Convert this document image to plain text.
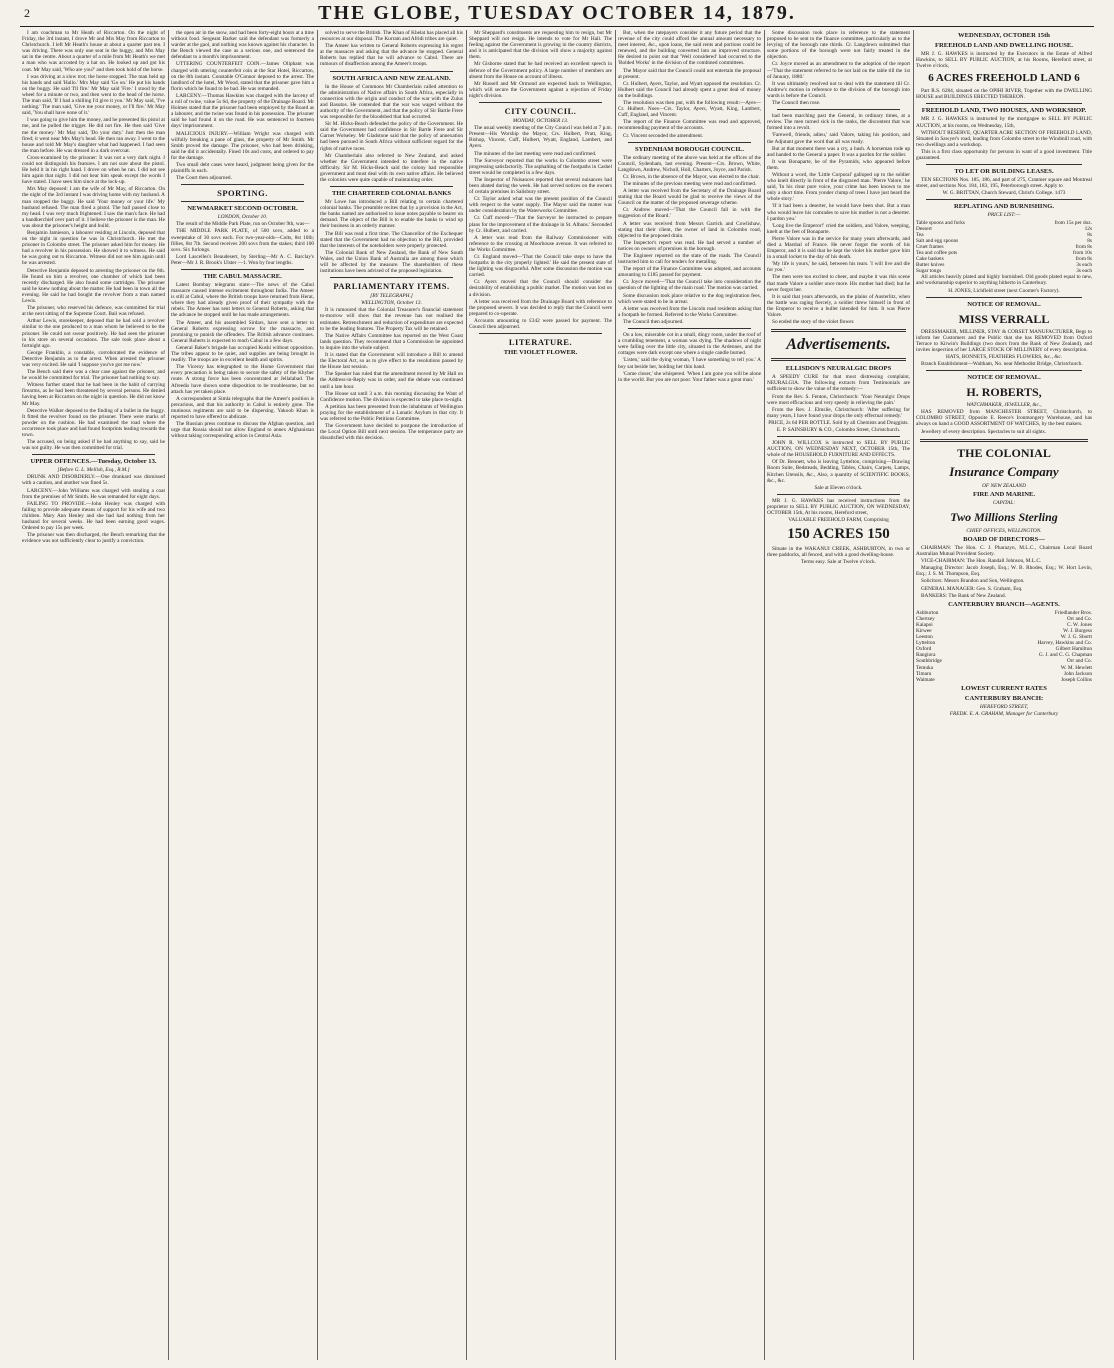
2	THE GLOBE, TUESDAY OCTOBER 14, 1879.

I am coachman to Mr Heath of Riccarton. On the night of Friday, the 3rd instant, I drove Mr and Mrs May from Riccarton to Christchurch. I left Mr Heath's house at about a quarter past ten. I was driving. There was only one seat in the buggy, and Mrs May sat in the centre. About a quarter of a mile from Mr Heath's we met a man who was accosted by a hat on. He looked up and got his coat. Mr May said, 'Who are you?' and then took hold of the horse.

I was driving at a slow trot; the horse stopped. The man held up his hands and said 'Hallo.' Mrs May said 'Go on.' He put his hands on the buggy. He said 'I'll fire.' Mr May said 'Fire.' I stood by the wheel for a minute or two, and then went to the head of the horse. The man said, 'If I had a shilling I'd give it you.' Mr May said, 'I've nothing.' The man said, 'Give me your money, or I'll fire.' Mr May said, 'You shall have none of it.'

I was going to give him the money, and he presented his pistol at me, and he pulled the trigger. He did not fire. He then said 'Give me the money.' Mr May said, 'Do your duty.' Just then the man fired; it went near Mrs May's head. He then ran away. I went to the house and told Mr May's daughter what had happened. I had seen the man before. He was dressed in a dark overcoat.

Cross-examined by the prisoner: It was not a very dark night. I could not distinguish his features. I am not sure about the pistol. He held it in his right hand. I drove on when he ran. I did not see him again that night. I did not hear him speak except the words I have stated. I have seen him since at the lock-up.

Mrs May deposed: I am the wife of Mr May, of Riccarton. On the night of the 3rd instant I was driving home with my husband. A man stopped the buggy. He said 'Your money or your life.' My husband refused. The man fired a pistol. The ball passed close to my head. I was very much frightened. I saw the man's face. He had a handkerchief over part of it. I believe the prisoner is the man. He was about the prisoner's height and build.

Benjamin Jamieson, a labourer residing at Lincoln, deposed that on the night in question he was in Christchurch. He met the prisoner in Colombo street. The prisoner asked him for money. He had a revolver in his possession. He showed it to witness. He said he was going out to Riccarton. Witness did not see him again until he was arrested.

Detective Benjamin deposed to arresting the prisoner on the 6th. He found on him a revolver, one chamber of which had been recently discharged. He also found some cartridges. The prisoner said he knew nothing about the matter. He had been in town all the evening. He said he had bought the revolver from a man named Lewis.

The prisoner, who reserved his defence, was committed for trial at the next sitting of the Supreme Court. Bail was refused.

Arthur Lewis, storekeeper, deposed that he had sold a revolver similar to the one produced to a man whom he believed to be the prisoner. He could not swear positively. He had seen the prisoner in his store on several occasions. The sale took place about a fortnight ago.

George Franklin, a constable, corroborated the evidence of Detective Benjamin as to the arrest. When arrested the prisoner was very excited. He said 'I suppose you've got me now.'

The Bench said there was a clear case against the prisoner, and he would be committed for trial. The prisoner had nothing to say.

Witness further stated that he had been in the habit of carrying firearms, as he had been threatened by several persons. He denied having been at Riccarton on the night in question. He did not know Mr May.

Detective Walker deposed to the finding of a bullet in the buggy. It fitted the revolver found on the prisoner. There were marks of powder on the cushion. He had examined the road where the occurrence took place and had found footprints leading towards the town.

The accused, on being asked if he had anything to say, said he was not guilty. He was then committed for trial.

UPPER OFFENCES.—Tuesday, October 13.
[Before G. L. Mellish, Esq., R.M.]

DRUNK AND DISORDERLY.—One drunkard was dismissed with a caution, and another was fined 5s.

LARCENY.—John Williams was charged with stealing a coat from the premises of Mr Smith. He was remanded for eight days.

FAILING TO PROVIDE.—John Henley was charged with failing to provide adequate means of support for his wife and two children. Mary Ann Henley and she had had nothing from her husband for several weeks. He had been earning good wages. Ordered to pay 15s per week.

The prisoner was then discharged, the Bench remarking that the evidence was not sufficiently clear to justify a conviction.

the open air in the snow, and had been forty-eight hours at a time without food. Sergeant Barker said the defendant was formerly a warder at the gaol, and nothing was known against his character. In the Bench viewed the case as a serious one, and sentenced the defendant to a month's imprisonment.

UTTERING COUNTERFEIT COIN.—James Oliphant was charged with uttering counterfeit coin at the Star Hotel, Riccarton, on the 8th instant. Constable O'Connor deposed to the arrest. The landlord of the hotel, Mr Wood, stated that the prisoner gave him a florin which he found to be bad. He was remanded.

LARCENY.—Thomas Hawkins was charged with the larceny of a roll of twine, value 5s 6d, the property of the Drainage Board. Mr Holmes stated that the prisoner had been employed by the Board as a labourer, and the twine was found in his possession. The prisoner said he had found it on the road. He was sentenced to fourteen days' imprisonment.

MALICIOUS INJURY.—William Wright was charged with wilfully breaking a pane of glass, the property of Mr Smith. Mr Smith proved the damage. The prisoner, who had been drinking, said he did it accidentally. Fined 10s and costs, and ordered to pay for the damage.

Two small debt cases were heard, judgment being given for the plaintiffs in each.

The Court then adjourned.

SPORTING.
NEWMARKET SECOND OCTOBER.
LONDON, October 10.

The result of the Middle Park Plate, run on October 9th, was—

THE MIDDLE PARK PLATE, of 500 sovs, added to a sweepstake of 30 sovs each. For two-year-olds—Colts, 8st 10lb; fillies, 8st 7lb. Second receives 200 sovs from the stakes; third 100 sovs. Six furlongs.

Lord Lascelles's Beaudesert, by Sterling—Mr A. C. Barclay's Peter—Mr J. R. Brook's Ulster —1. Won by four lengths.

THE CABUL MASSACRE.

Latest Bombay telegrams state:—The news of the Cabul massacre caused intense excitement throughout India. The Ameer is still at Cabul, where the British troops have returned from Herat, where they had already given proof of their sympathy with the rebels. The Ameer has sent letters to General Roberts, asking that the advance be stopped until he has made arrangements.

The Ameer, and his assembled Sirdars, have sent a letter to General Roberts expressing sorrow for the massacre, and promising to punish the offenders. The British advance continues. General Roberts is expected to reach Cabul in a few days.

General Baker's brigade has occupied Kushi without opposition. The tribes appear to be quiet, and supplies are being brought in readily. The troops are in excellent health and spirits.

The Viceroy has telegraphed to the Home Government that every precaution is being taken to secure the safety of the Khyber route. A strong force has been concentrated at Jellalabad. The Afreedis have shown some disposition to be troublesome, but no attack has yet taken place.

A correspondent at Simla telegraphs that the Ameer's position is precarious, and that his authority in Cabul is entirely gone. The mutinous regiments are said to be dispersing. Yakoob Khan is reported to have offered to abdicate.

The Russian press continue to discuss the Afghan question, and urge that Russia should not allow England to annex Afghanistan without taking corresponding action in Central Asia.

solved to serve the British. The Khan of Khelat has placed all his resources at our disposal. The Kurram and Afridi tribes are quiet.

The Ameer has written to General Roberts expressing his regret at the massacre and asking that the advance be stopped. General Roberts has replied that he will advance to Cabul. There are rumours of disaffection among the Ameer's troops.

SOUTH AFRICA AND NEW ZEALAND.

In the House of Commons Mr Chamberlain called attention to the administration of Native affairs in South Africa, especially in connection with the origin and conduct of the war with the Zulus and Basutos. He contended that the war was waged without the authority of the Government, and that the policy of Sir Bartle Frere was responsible for the bloodshed that had occurred.

Sir M. Hicks-Beach defended the policy of the Government. He said the Government had confidence in Sir Bartle Frere and Sir Garnet Wolseley. Mr Gladstone said that the policy of annexation had been pursued in South Africa without sufficient regard for the rights of native races.

Mr Chamberlain also referred to New Zealand, and asked whether the Government intended to interfere in the native difficulty. Sir M. Hicks-Beach said the colony had responsible government and must deal with its own native affairs. He believed the colonists were quite capable of maintaining order.

THE CHARTERED COLONIAL BANKS

Mr Lowe has introduced a Bill relating to certain chartered colonial banks. The preamble recites that by a provision in the Act, the banks named are authorised to issue notes payable to bearer on demand. The object of the Bill is to enable the banks to wind up their business in an orderly manner.

The Bill was read a first time. The Chancellor of the Exchequer stated that the Government had no objection to the Bill, provided that the interests of the noteholders were properly protected.

The Colonial Bank of New Zealand, the Bank of New South Wales, and the Union Bank of Australia are among those which will be affected by the measure. The shareholders of these institutions have been advised of the proposed legislation.

PARLIAMENTARY ITEMS.
[BY TELEGRAPH.]
WELLINGTON, October 13.

It is rumoured that the Colonial Treasurer's financial statement to-morrow will show that the revenue has not realised the estimates. Retrenchment and reduction of expenditure are expected to be the leading features. The Property Tax will be retained.

The Native Affairs Committee has reported on the West Coast lands question. They recommend that a Commission be appointed to inquire into the whole subject.

It is stated that the Government will introduce a Bill to amend the Electoral Act, so as to give effect to the resolutions passed by the House last session.

The Speaker has ruled that the amendment moved by Mr Hall on the Address-in-Reply was in order, and the debate was continued until a late hour.

The House sat until 3 a.m. this morning discussing the Want of Confidence motion. The division is expected to take place to-night.

A petition has been presented from the inhabitants of Wellington praying for the establishment of a Lunatic Asylum in that city. It was referred to the Public Petitions Committee.

The Government have decided to postpone the introduction of the Local Option Bill until next session. The temperance party are dissatisfied with this decision.

Mr Sheppard's constituents are requesting him to resign, but Mr Sheppard will not resign. He intends to vote for Mr Hall. The feeling against the Government is growing in the country districts, and it is anticipated that the division will show a majority against them.

Mr Gisborne stated that he had received an excellent speech in defence of the Government policy. A large number of members are absent from the House on account of illness.

Mr Russell and Mr Ormond are expected back to Wellington, which will secure the Government against a rejection of Friday night's division.

CITY COUNCIL.
MONDAY, OCTOBER 13.

The usual weekly meeting of the City Council was held at 7 p.m. Present—His Worship the Mayor, Crs. Hulbert, Pratt, King, Bishop, Vincent, Cuff, Hulbert, Wyatt, England, Lambert, and Ayers.

The minutes of the last meeting were read and confirmed.

The Surveyor reported that the works in Colombo street were progressing satisfactorily. The asphalting of the footpaths in Cashel street would be completed in a few days.

The Inspector of Nuisances reported that several nuisances had been abated during the week. He had served notices on the owners of certain premises in Salisbury street.

Cr. Taylor asked what was the present position of the Council with respect to the water supply. The Mayor said the matter was under consideration by the Waterworks Committee.

Cr. Cuff moved—'That the Surveyor be instructed to prepare plans for the improvement of the drainage in St. Albans.' Seconded by Cr. Hulbert, and carried.

A letter was read from the Railway Commissioner with reference to the crossing at Moorhouse avenue. It was referred to the Works Committee.

Cr. England moved—'That the Council take steps to have the footpaths in the city properly lighted.' He said the present state of the lighting was disgraceful. After some discussion the motion was carried.

Cr. Ayers moved that the Council should consider the desirability of establishing a public market. The motion was lost on a division.

A letter was received from the Drainage Board with reference to the proposed sewers. It was decided to reply that the Council were prepared to co-operate.

Accounts amounting to £342 were passed for payment. The Council then adjourned.

LITERATURE.
THE VIOLET FLOWER.

But, when the ratepayers consider it any future period that the revenue of the city could afford the annual amount necessary to meet interest, &c., upon loans, the said rents and portions could be renewed, and the building converted into an improved structure. He desired to point out that 'Well considered' had occurred to the 'Bolded Works' in the division of the combined committees.

The Mayor said that the Council could not entertain the proposal at present.

Cr. Hulbert, Ayers, Taylor, and Wyatt opposed the resolution. Cr. Hulbert said the Council had already spent a great deal of money on the buildings.

The resolution was then put, with the following result:—Ayes—Cr. Hulbert. Noes—Crs. Taylor, Ayers, Wyatt, King, Lambert, Cuff, England, and Vincent.

The report of the Finance Committee was read and approved, recommending payment of the accounts.

Cr. Vincent seconded the amendment.

SYDENHAM BOROUGH COUNCIL.

The ordinary meeting of the above was held at the offices of the Council, Sydenham, last evening. Present—Crs. Brown, White, Langdown, Andrew, Nicholl, Holl, Charters, Joyce, and Parish.

Cr. Brown, in the absence of the Mayor, was elected to the chair.

The minutes of the previous meeting were read and confirmed.

A letter was received from the Secretary of the Drainage Board stating that the Board would be glad to receive the views of the Council on the matter of the proposed sewerage scheme.

Cr. Andrew moved—'That the Council fall in with the suggestion of the Board.'

A letter was received from Messrs Garrick and Cowlishaw, stating that their client, the owner of land in Colombo road, objected to the proposed drain.

The Inspector's report was read. He had served a number of notices on owners of premises in the borough.

The Engineer reported on the state of the roads. The Council instructed him to call for tenders for metalling.

The report of the Finance Committee was adopted, and accounts amounting to £185 passed for payment.

Cr. Joyce moved—'That the Council take into consideration the question of the lighting of the main road.' The motion was carried.

Some discussion took place relative to the dog registration fees, which were stated to be in arrear.

A letter was received from the Lincoln road residents asking that a footpath be formed. Referred to the Works Committee.

The Council then adjourned.

On a low, miserable cot in a small, dingy room, under the roof of a crumbling tenement, a woman was dying. The shadows of night were falling over the little city, situated in the Ardennes, and the cottages were dark except one where a single candle burned.

'Listen,' said the dying woman, 'I have something to tell you.' A boy sat beside her, holding her thin hand.

'Come closer,' she whispered. 'When I am gone you will be alone in the world. But you are not poor. Your father was a great man.'

Some discussion took place in reference to the statement proposed to be sent to the finance committee, particularly as to the levying of the borough rate thirds. Cr. Langdown submitted that some portions of the borough were not fairly treated in the objection.

Cr. Joyce moved as an amendment to the adoption of the report—'That the statement referred to be not laid on the table till the 1st of January, 1880.'

It was ultimately resolved not to deal with the statement till Cr. Andrew's motion in reference to the division of the borough into wards is before the Council.

The Council then rose.

had been marching past the General, in ordinary times, at a review. The men turned sick in the ranks, the discontent that was formed into a revolt.

'Farewell, friends, adieu,' said Valore, taking his position, and the Adjutant gave the word that all was ready.

But at that moment there was a cry, a hush. A horseman rode up and handed to the General a paper. It was a pardon for the soldier.

It was Bonaparte, he of the Pyramids, who appeared before them.

Without a word, the 'Little Corporal' galloped up to the soldier who knelt directly in front of the disgraced man. 'Pierre Valore,' he said, 'In his clear pure voice, your crime has been known to me only a short time. From yonder clump of trees I have just heard the whole story.'

'If it had been a deserter, he would have been shot. But a man who would leave his comrades to save his mother is not a deserter. I pardon you.'

'Long live the Emperor!' cried the soldiers, and Valore, weeping, knelt at the feet of Bonaparte.

Pierre Valore was in the service for many years afterwards, and died a Marshal of France. He never forgot the words of his Emperor, and it is said that he kept the violet his mother gave him in a small locket to the day of his death.

'My life is yours,' he said, between his tears. 'I will live and die for you.'

The men were too excited to cheer, and maybe it was this scene that made Valore a soldier once more. His mother had died; but he never forgot her.

It is said that years afterwards, on the plains of Austerlitz, when the battle was raging fiercely, a soldier threw himself in front of the Emperor to receive a bullet intended for him. It was Pierre Valore.

So ended the story of the violet flower.

Advertisements.
ELLISDON'S NEURALGIC DROPS

A SPEEDY CURE for that most distressing complaint, NEURALGIA. The following extracts from Testimonials are sufficient to show the value of the remedy:—

From the Rev. S. Fenton, Christchurch: 'Your Neuralgic Drops were most efficacious and very speedy in relieving the pain.'

From the Rev. J. Elmslie, Christchurch: 'After suffering for many years, I have found your drops the only effectual remedy.'

PRICE, 2s 6d PER BOTTLE. Sold by all Chemists and Druggists.

E. P. SAINSBURY & CO., Colombo Street, Christchurch.

JOHN R. WILLCOX is instructed to SELL BY PUBLIC AUCTION, ON WEDNESDAY NEXT, OCTOBER 15th, The whole of the HOUSEHOLD FURNITURE AND EFFECTS.

Of Dr. Bennett, who is leaving Lyttelton, comprising—Drawing Room Suite, Bedsteads, Bedding, Tables, Chairs, Carpets, Lamps, Kitchen Utensils, &c., Also, a quantity of SCIENTIFIC BOOKS, &c., &c.

Sale at Eleven o'clock.

MR J. G. HAWKES has received instructions from the proprietor to SELL BY PUBLIC AUCTION, ON WEDNESDAY, OCTOBER 15th, At his rooms, Hereford street,

VALUABLE FREEHOLD FARM, Comprising

150 ACRES 150

Situate in the WAKANUI CREEK, ASHBURTON, in two or three paddocks, all fenced, and with a good dwelling-house.

Terms easy. Sale at Twelve o'clock.

WEDNESDAY, OCTOBER 15th
FREEHOLD LAND AND DWELLING HOUSE.

MR J. G. HAWKES is instructed by the Executors in the Estate of Alfred Hawkins, to SELL BY PUBLIC AUCTION, at his Rooms, Hereford street, at Twelve o'clock,

6 ACRES FREEHOLD LAND 6

Part R.S. 6284, situated on the OPIHI RIVER, Together with the DWELLING HOUSE and BUILDINGS ERECTED THEREON.

FREEHOLD LAND, TWO HOUSES, AND WORKSHOP.

MR J. G. HAWKES is instructed by the mortgagee to SELL BY PUBLIC AUCTION, at his rooms, on Wednesday, 15th,

WITHOUT RESERVE, QUARTER ACRE SECTION OF FREEHOLD LAND, Situated in Sawyer's road, leading from Colombo street to the Windmill road, with two dwellings and a workshop.

This is a first class opportunity for persons in want of a good investment. Title guaranteed.

TO LET OR BUILDING LEASES.

TEN SECTIONS Nos. 185, 186, and part of 275, Cranmer square and Montreal street, and sections Nos. 184, 183, 195, Peterborough street. Apply to

W. G. BRITTAN, Church Steward, Christ's College. 1473

REPLATING AND BURNISHING.
PRICE LIST:—
Table spoons and forks	from 15s per doz.
Dessert	12s
Tea	8s
Salt and egg spoons	8s
Cruet frames	from 8s
Tea and coffee pots	from 10s
Cake baskets	from 8s
Butter knives	3s each
Sugar tongs	3s each

All articles heavily plated and highly burnished. Old goods plated equal to new, and workmanship superior to anything hitherto in Canterbury.

H. JONES, Lichfield street (next Coomer's Factory).

NOTICE OF REMOVAL.
MISS VERRALL

DRESSMAKER, MILLINER, STAY & CORSET MANUFACTURER, Begs to inform her Customers and the Public that she has REMOVED from Oxford Terrace to Kirwin's Buildings (two doors from the Bank of New Zealand), and invites inspection of her LARGE STOCK OF MILLINERY of every description.

HATS, BONNETS, FEATHERS FLOWERS, &c., &c.

Branch Establishment—Waltham, No. near Methodist Bridge, Christchurch.

NOTICE OF REMOVAL.
H. ROBERTS,
WATCHMAKER, JEWELLER, &c.,

HAS REMOVED from MANCHESTER STREET, Christchurch, to COLOMBO STREET, Opposite E. Reece's Ironmongery Warehouse, and has always on hand a GOOD ASSORTMENT OF WATCHES, by the best makers.

Jewellery of every description. Spectacles to suit all sights.

THE COLONIAL
Insurance Company
OF NEW ZEALAND
FIRE AND MARINE.
CAPITAL:
Two Millions Sterling
CHIEF OFFICES, WELLINGTON.
BOARD OF DIRECTORS—

CHAIRMAN: The Hon. C. J. Pharazyn, M.L.C., Chairman Local Board Australian Mutual Provident Society.

VICE-CHAIRMAN: The Hon. Randall Johnson, M.L.C.

Managing Director: Jacob Joseph, Esq.; W. B. Rhodes, Esq.; W. Hort Levin, Esq.; J. S. M. Thompson, Esq.

Solicitors: Messrs Brandon and Son, Wellington.

GENERAL MANAGER: Geo. S. Graham, Esq.

BANKERS: The Bank of New Zealand.

CANTERBURY BRANCH—AGENTS.
Ashburton	Friedlander Bros.
Chertsey	Orr and Co.
Kaiapoi	C. W. Jones
Kirwee	W. J. Burgess
Leeston	W. J. G. Shortt
Lyttelton	Harvey, Hawkins and Co.
Oxford	Gilbert Hamilton
Rangiora	G. J. and C. G. Chapman
Southbridge	Orr and Co.
Temuka	W. M. Hewlett
Timaru	John Jackson
Waimate	Joseph Collins
LOWEST CURRENT RATES
CANTERBURY BRANCH:
HEREFORD STREET,
FREDK. E. A. GRAHAM, Manager for Canterbury
